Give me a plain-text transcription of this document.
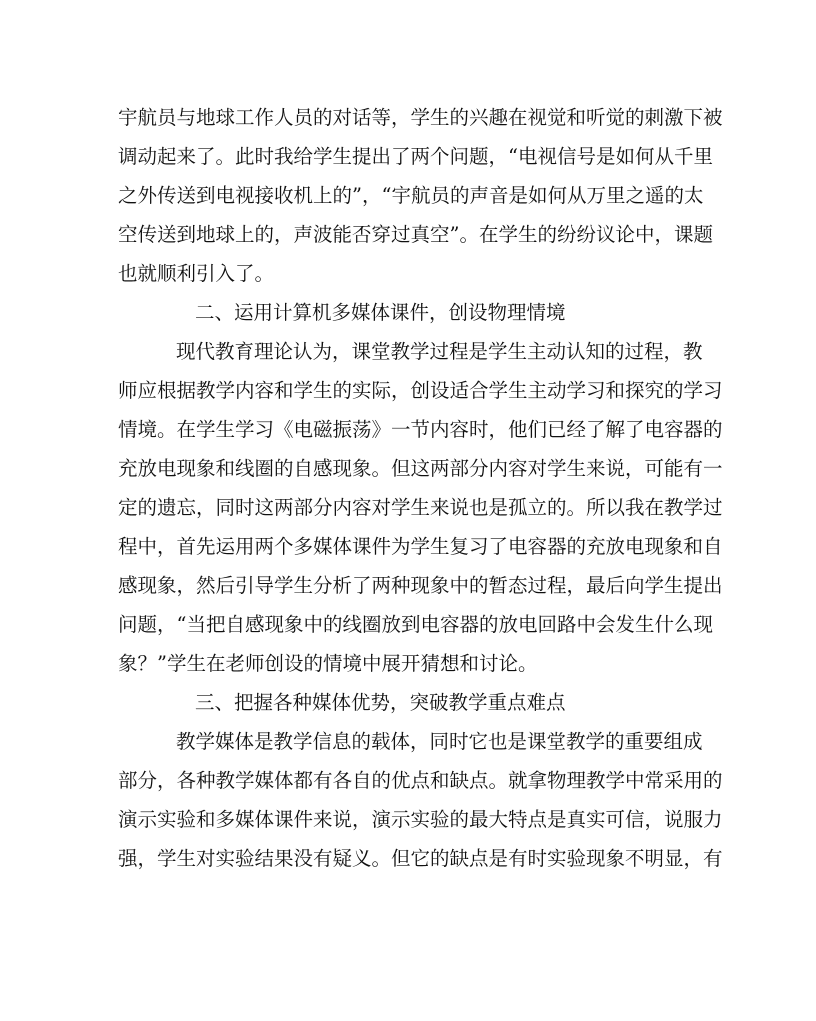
宇航员与地球工作人员的对话等，学生的兴趣在视觉和听觉的刺激下被
调动起来了。此时我给学生提出了两个问题，“电视信号是如何从千里
之外传送到电视接收机上的”，“宇航员的声音是如何从万里之遥的太
空传送到地球上的，声波能否穿过真空”。在学生的纷纷议论中，课题
也就顺利引入了。
二、运用计算机多媒体课件，创设物理情境
现代教育理论认为，课堂教学过程是学生主动认知的过程，教
师应根据教学内容和学生的实际，创设适合学生主动学习和探究的学习
情境。在学生学习《电磁振荡》一节内容时，他们已经了解了电容器的
充放电现象和线圈的自感现象。但这两部分内容对学生来说，可能有一
定的遗忘，同时这两部分内容对学生来说也是孤立的。所以我在教学过
程中，首先运用两个多媒体课件为学生复习了电容器的充放电现象和自
感现象，然后引导学生分析了两种现象中的暂态过程，最后向学生提出
问题，“当把自感现象中的线圈放到电容器的放电回路中会发生什么现
象？”学生在老师创设的情境中展开猜想和讨论。
三、把握各种媒体优势，突破教学重点难点
教学媒体是教学信息的载体，同时它也是课堂教学的重要组成
部分，各种教学媒体都有各自的优点和缺点。就拿物理教学中常采用的
演示实验和多媒体课件来说，演示实验的最大特点是真实可信，说服力
强，学生对实验结果没有疑义。但它的缺点是有时实验现象不明显，有
